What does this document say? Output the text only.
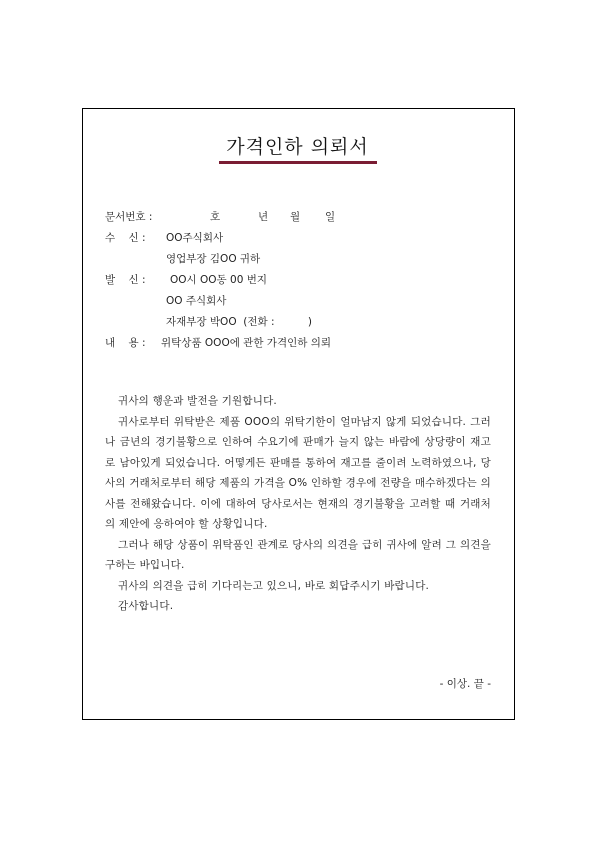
가격인하 의뢰서
문서번호 :	호	년 월 일
수    신 : OO주식회사
영업부장 김OO 귀하
발    신 : OO시 OO동 00 번지
OO 주식회사
자재부장 박OO  (전화 :          )
내    용 : 위탁상품 OOO에 관한 가격인하 의뢰

귀사의 행운과 발전을 기원합니다.

귀사로부터 위탁받은 제품 OOO의 위탁기한이 얼마남지 않게 되었습니다. 그러나 금년의 경기불황으로 인하여 수요기에 판매가 늘지 않는 바람에 상당량이 재고로 남아있게 되었습니다. 어떻게든 판매를 통하여 재고를 줄이려 노력하였으나, 당사의 거래처로부터 해당 제품의 가격을 O% 인하할 경우에 전량을 매수하겠다는 의사를 전해왔습니다. 이에 대하여 당사로서는 현재의 경기불황을 고려할 때 거래처의 제안에 응하여야 할 상황입니다.

그러나 해당 상품이 위탁품인 관계로 당사의 의견을 급히 귀사에 알려 그 의견을 구하는 바입니다.

귀사의 의견을 급히 기다리는고 있으니, 바로 회답주시기 바랍니다.

감사합니다.

- 이상. 끝 -
